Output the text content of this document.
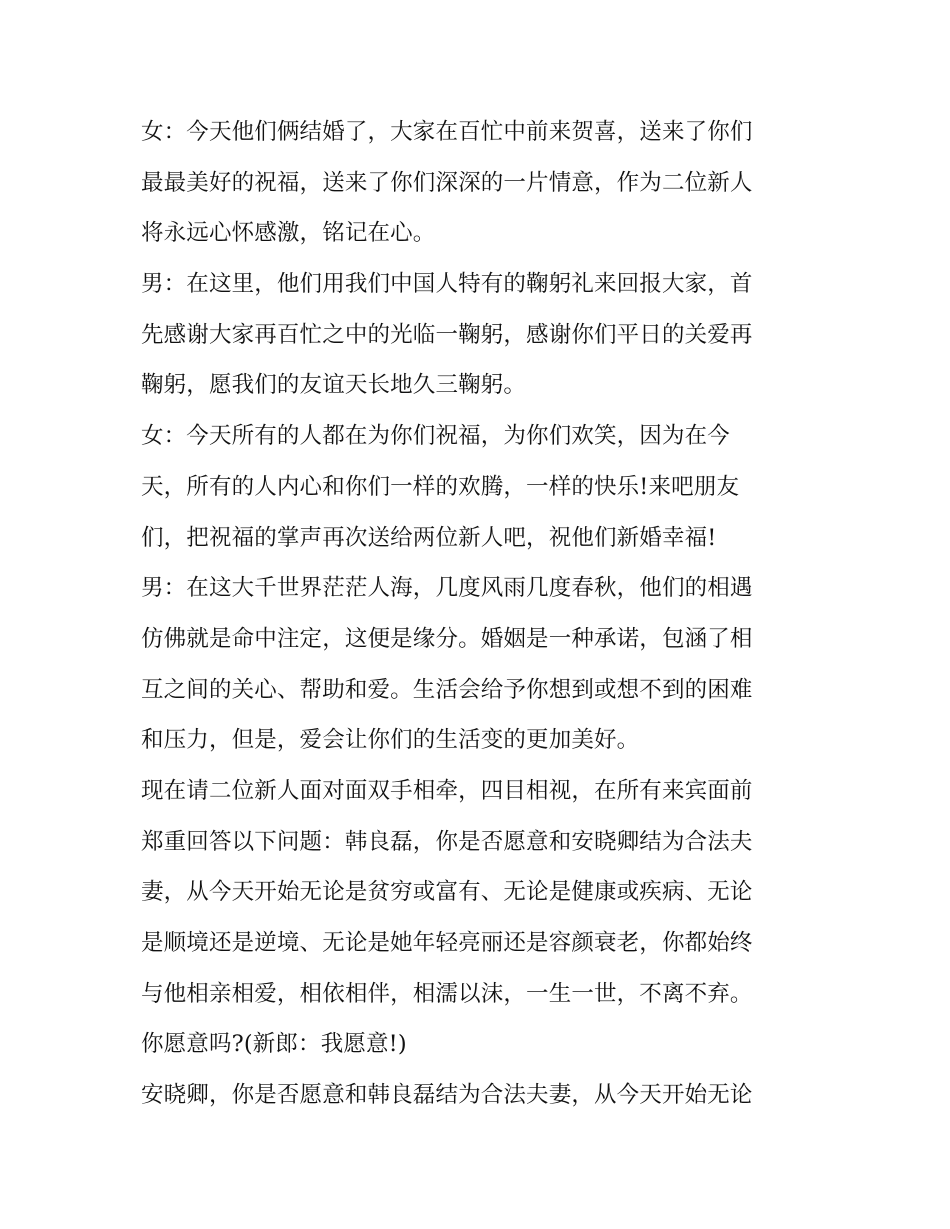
女：今天他们俩结婚了，大家在百忙中前来贺喜，送来了你们
最最美好的祝福，送来了你们深深的一片情意，作为二位新人
将永远心怀感激，铭记在心。
男：在这里，他们用我们中国人特有的鞠躬礼来回报大家，首
先感谢大家再百忙之中的光临一鞠躬，感谢你们平日的关爱再
鞠躬，愿我们的友谊天长地久三鞠躬。
女：今天所有的人都在为你们祝福，为你们欢笑，因为在今
天，所有的人内心和你们一样的欢腾，一样的快乐!来吧朋友
们，把祝福的掌声再次送给两位新人吧，祝他们新婚幸福!
男：在这大千世界茫茫人海，几度风雨几度春秋，他们的相遇
仿佛就是命中注定，这便是缘分。婚姻是一种承诺，包涵了相
互之间的关心、帮助和爱。生活会给予你想到或想不到的困难
和压力，但是，爱会让你们的生活变的更加美好。
现在请二位新人面对面双手相牵，四目相视，在所有来宾面前
郑重回答以下问题：韩良磊，你是否愿意和安晓卿结为合法夫
妻，从今天开始无论是贫穷或富有、无论是健康或疾病、无论
是顺境还是逆境、无论是她年轻亮丽还是容颜衰老，你都始终
与他相亲相爱，相依相伴，相濡以沫，一生一世，不离不弃。
你愿意吗?(新郎：我愿意!)
安晓卿，你是否愿意和韩良磊结为合法夫妻，从今天开始无论
